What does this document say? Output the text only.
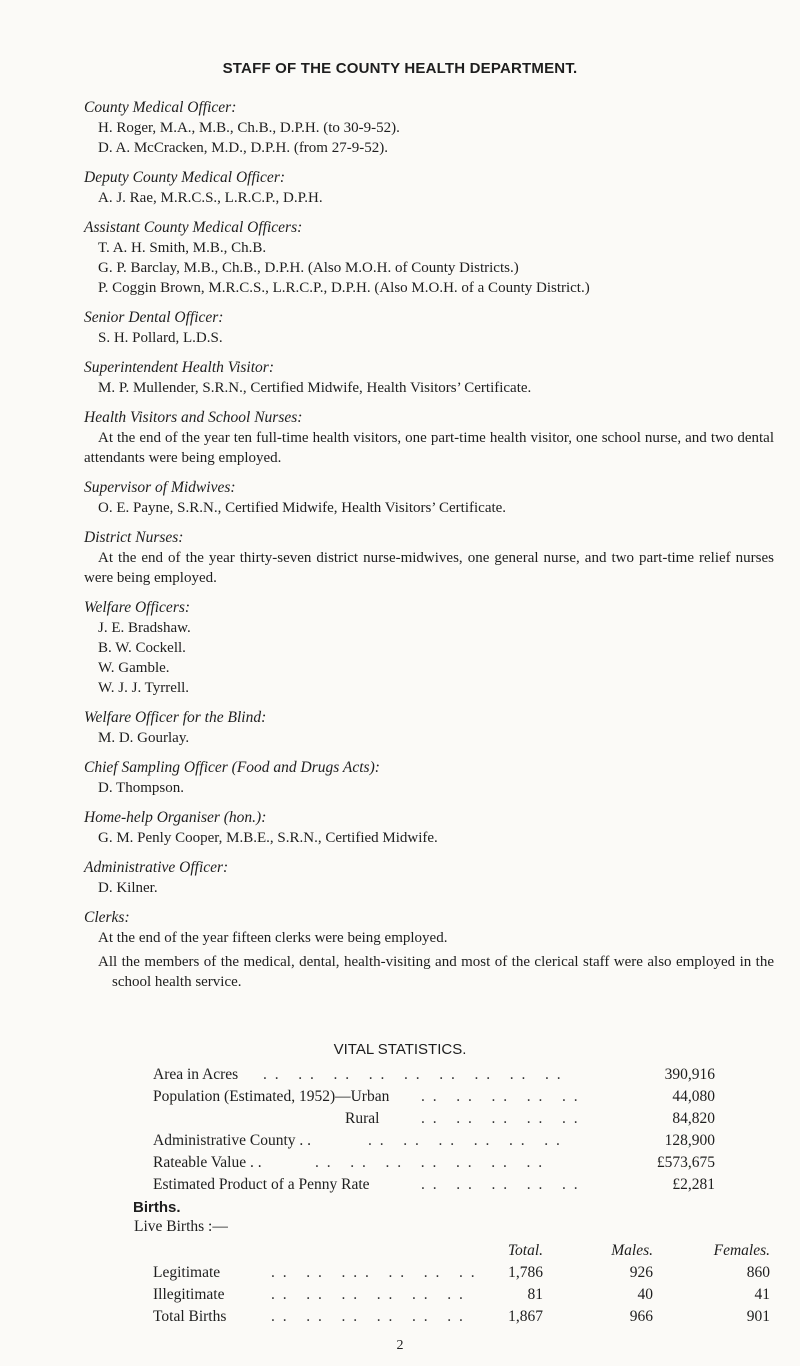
STAFF OF THE COUNTY HEALTH DEPARTMENT.
County Medical Officer:
H. Roger, M.A., M.B., Ch.B., D.P.H. (to 30-9-52).
D. A. McCracken, M.D., D.P.H. (from 27-9-52).
Deputy County Medical Officer:
A. J. Rae, M.R.C.S., L.R.C.P., D.P.H.
Assistant County Medical Officers:
T. A. H. Smith, M.B., Ch.B.
G. P. Barclay, M.B., Ch.B., D.P.H. (Also M.O.H. of County Districts.)
P. Coggin Brown, M.R.C.S., L.R.C.P., D.P.H. (Also M.O.H. of a County District.)
Senior Dental Officer:
S. H. Pollard, L.D.S.
Superintendent Health Visitor:
M. P. Mullender, S.R.N., Certified Midwife, Health Visitors’ Certificate.
Health Visitors and School Nurses:
At the end of the year ten full-time health visitors, one part-time health visitor, one school nurse, and two dental attendants were being employed.
Supervisor of Midwives:
O. E. Payne, S.R.N., Certified Midwife, Health Visitors’ Certificate.
District Nurses:
At the end of the year thirty-seven district nurse-midwives, one general nurse, and two part-time relief nurses were being employed.
Welfare Officers:
J. E. Bradshaw.
B. W. Cockell.
W. Gamble.
W. J. J. Tyrrell.
Welfare Officer for the Blind:
M. D. Gourlay.
Chief Sampling Officer (Food and Drugs Acts):
D. Thompson.
Home-help Organiser (hon.):
G. M. Penly Cooper, M.B.E., S.R.N., Certified Midwife.
Administrative Officer:
D. Kilner.
Clerks:
At the end of the year fifteen clerks were being employed.
All the members of the medical, dental, health-visiting and most of the clerical staff were also employed in the school health service.
VITAL STATISTICS.
Area in Acres . .   . .   . .   . .   . .   . .   . .   . .   . .	390,916
Population (Estimated, 1952)—Urban . .   . .   . .   . .   . .	44,080
Rural	. .   . .   . .   . .   . .	84,820
Administrative County . .	. .   . .   . .   . .   . .   . .	128,900
Rateable Value . .	. .   . .   . .   . .   . .   . .   . .	£573,675
Estimated Product of a Penny Rate	. .   . .   . .   . .   . .	£2,281
Births.
Live Births :—
Total.	Males.	Females.
Legitimate	. .   . .   . . .   . .   . .   . . 1,786	926	860
Illegitimate	. .   . .   . .   . .   . .   . .	81	40	41
Total Births	. .   . .   . .   . .   . .   . .	1,867	966	901
2
